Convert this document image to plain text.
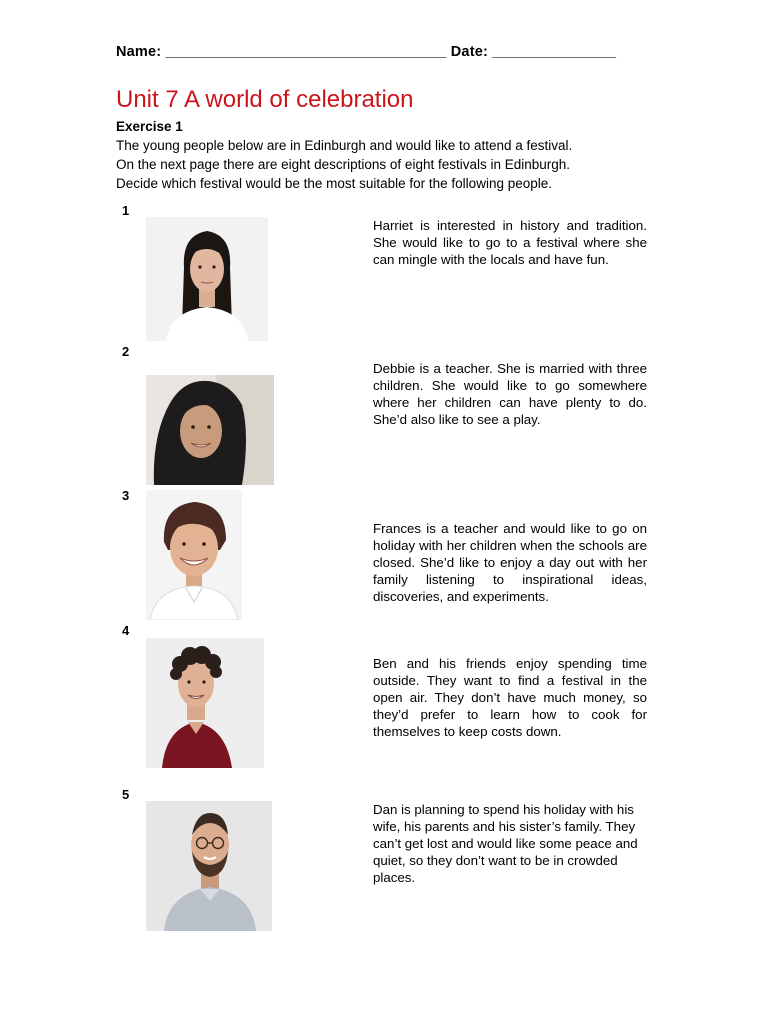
Name: __________________________________ Date: _______________
Unit 7 A world of celebration
Exercise 1
The young people below are in Edinburgh and would like to attend a festival.
On the next page there are eight descriptions of eight festivals in Edinburgh.
Decide which festival would be the most suitable for the following people.
1
Harriet is interested in history and tradition. She would like to go to a festival where she can mingle with the locals and have fun.
2
Debbie is a teacher. She is married with three children. She would like to go somewhere where her children can have plenty to do. She’d also like to see a play.
3
Frances is a teacher and would like to go on holiday with her children when the schools are closed. She’d like to enjoy a day out with her family listening to inspirational ideas, discoveries, and experiments.
4
Ben and his friends enjoy spending time outside. They want to find a festival in the open air. They don’t have much money, so they’d prefer to learn how to cook for themselves to keep costs down.
5
Dan is planning to spend his holiday with his wife, his parents and his sister’s family. They can’t get lost and would like some peace and quiet, so they don’t want to be in crowded places.
